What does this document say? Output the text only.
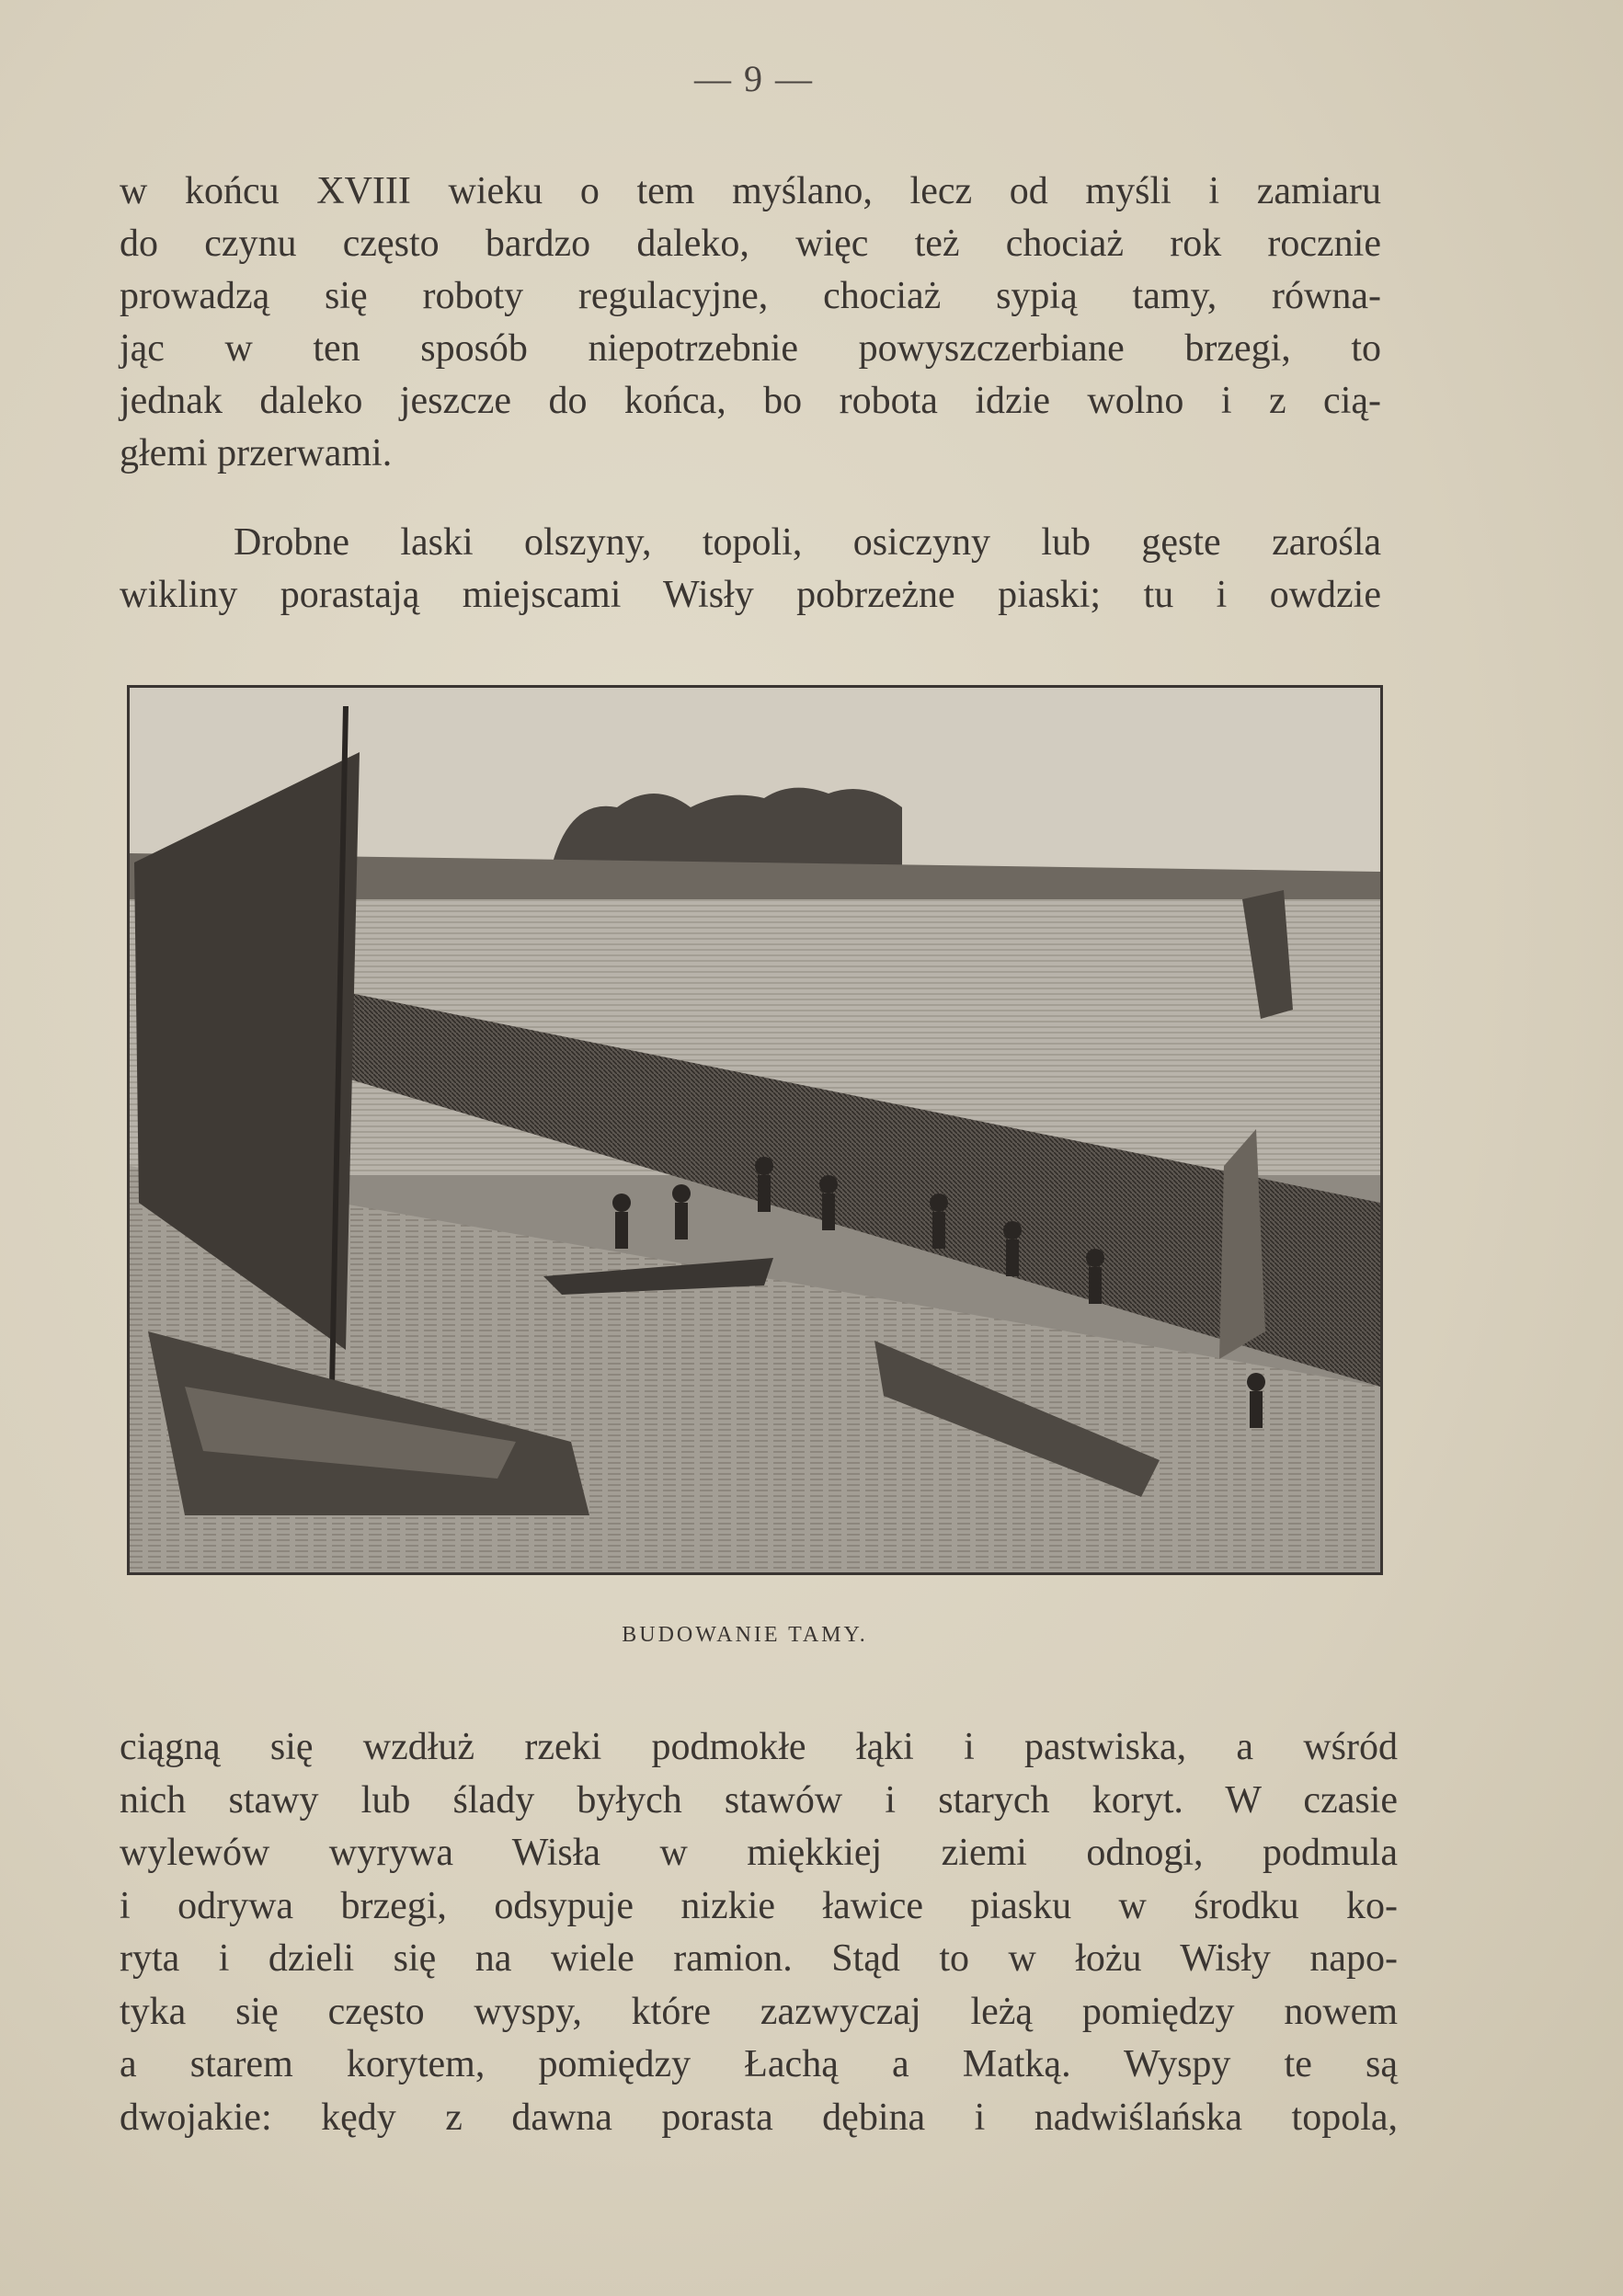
— 9 —
w końcu XVIII wieku o tem myślano, lecz od myśli i zamiaru
do czynu często bardzo daleko, więc też chociaż rok rocznie
prowadzą się roboty regulacyjne, chociaż sypią tamy, równa-
jąc w ten sposób niepotrzebnie powyszczerbiane brzegi, to
jednak daleko jeszcze do końca, bo robota idzie wolno i z cią-
głemi przerwami.
Drobne laski olszyny, topoli, osiczyny lub gęste zarośla
wikliny porastają miejscami Wisły pobrzeżne piaski; tu i owdzie
BUDOWANIE TAMY.
ciągną się wzdłuż rzeki podmokłe łąki i pastwiska, a wśród
nich stawy lub ślady byłych stawów i starych koryt. W czasie
wylewów wyrywa Wisła w miękkiej ziemi odnogi, podmula
i odrywa brzegi, odsypuje nizkie ławice piasku w środku ko-
ryta i dzieli się na wiele ramion. Stąd to w łożu Wisły napo-
tyka się często wyspy, które zazwyczaj leżą pomiędzy nowem
a starem korytem, pomiędzy Łachą a Matką. Wyspy te są
dwojakie: kędy z dawna porasta dębina i nadwiślańska topola,
